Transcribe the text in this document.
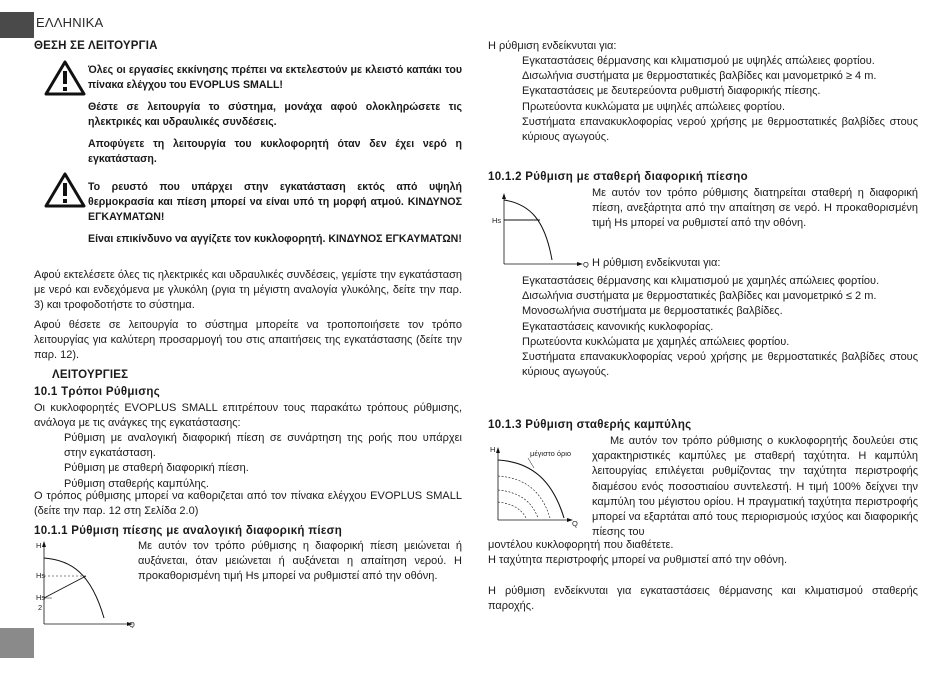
ΕΛΛΗΝΙΚΑ
ΘΕΣΗ ΣΕ ΛΕΙΤΟΥΡΓΙΑ

Όλες οι εργασίες εκκίνησης πρέπει να εκτελεστούν με κλειστό καπάκι του πίνακα ελέγχου του EVOPLUS SMALL!

Θέστε σε λειτουργία το σύστημα, μονάχα αφού ολοκληρώσετε τις ηλεκτρικές και υδραυλικές συνδέσεις.

Αποφύγετε τη λειτουργία του κυκλοφορητή όταν δεν έχει νερό η εγκατάσταση.

Το ρευστό που υπάρχει στην εγκατάσταση εκτός από υψηλή θερμοκρασία και πίεση μπορεί να είναι υπό τη μορφή ατμού. ΚΙΝΔΥΝΟΣ ΕΓΚΑΥΜΑΤΩΝ!

Είναι επικίνδυνο να αγγίζετε τον κυκλοφορητή. ΚΙΝΔΥΝΟΣ ΕΓΚΑΥΜΑΤΩΝ!

Αφού εκτελέσετε όλες τις ηλεκτρικές και υδραυλικές συνδέσεις, γεμίστε την εγκατάσταση με νερό και ενδεχόμενα με γλυκόλη (ργια τη μέγιστη αναλογία γλυκόλης, δείτε την παρ. 3) και τροφοδοτήστε το σύστημα.

Αφού θέσετε σε λειτουργία το σύστημα μπορείτε να τροποποιήσετε τον τρόπο λειτουργίας για καλύτερη προσαρμογή του στις απαιτήσεις της εγκατάστασης (δείτε την παρ. 12).

ΛΕΙΤΟΥΡΓΙΕΣ
10.1 Τρόποι Ρύθμισης

Οι κυκλοφορητές EVOPLUS SMALL επιτρέπουν τους παρακάτω τρόπους ρύθμισης, ανάλογα με τις ανάγκες της εγκατάστασης:

Ρύθμιση με αναλογική διαφορική πίεση σε συνάρτηση της ροής που υπάρχει στην εγκατάσταση.

Ρύθμιση με σταθερή διαφορική πίεση.

Ρύθμιση σταθερής καμπύλης.

Ο τρόπος ρύθμισης μπορεί να καθοριζεται από τον πίνακα ελέγχου EVOPLUS SMALL (δείτε την παρ. 12 στη Σελίδα 2.0)

10.1.1 Ρύθμιση πίεσης με αναλογική διαφορική πίεση
H
Hs
Hs
2
Q

Με αυτόν τον τρόπο ρύθμισης η διαφορική πίεση μειώνεται ή αυξάνεται, όταν μειώνεται ή αυξάνεται η απαίτηση νερού. Η προκαθορισμένη τιμή Hs μπορεί να ρυθμιστεί από την οθόνη.

Η ρύθμιση ενδείκνυται για:

Εγκαταστάσεις θέρμανσης και κλιματισμού με υψηλές απώλειες φορτίου.

Δισωλήνια συστήματα με θερμοστατικές βαλβίδες και μανομετρικό ≥ 4 m.

Εγκαταστάσεις με δευτερεύοντα ρυθμιστή διαφορικής πίεσης.

Πρωτεύοντα κυκλώματα με υψηλές απώλειες φορτίου.

Συστήματα επανακυκλοφορίας νερού χρήσης με θερμοστατικές βαλβίδες στους κύριους αγωγούς.

10.1.2 Ρύθμιση με σταθερή διαφορική πίεσηο
Hs
Q

Με αυτόν τον τρόπο ρύθμισης διατηρείται σταθερή η διαφορική πίεση, ανεξάρτητα από την απαίτηση σε νερό. Η προκαθορισμένη τιμή Hs μπορεί να ρυθμιστεί από την οθόνη.

Η ρύθμιση ενδείκνυται για:

Εγκαταστάσεις θέρμανσης και κλιματισμού με χαμηλές απώλειες φορτίου.

Δισωλήνια συστήματα με θερμοστατικές βαλβίδες και μανομετρικό ≤ 2 m.

Μονοσωλήνια συστήματα με θερμοστατικές βαλβίδες.

Εγκαταστάσεις κανονικής κυκλοφορίας.

Πρωτεύοντα κυκλώματα με χαμηλές απώλειες φορτίου.

Συστήματα επανακυκλοφορίας νερού χρήσης με θερμοστατικές βαλβίδες στους κύριους αγωγούς.

10.1.3 Ρύθμιση σταθερής καμπύλης
H
Q
μέγιστο όριο

Με αυτόν τον τρόπο ρύθμισης ο κυκλοφορητής δουλεύει στις χαρακτηριστικές καμπύλες με σταθερή ταχύτητα. Η καμπύλη λειτουργίας επιλέγεται ρυθμίζοντας την ταχύτητα περιστροφής διαμέσου ενός ποσοστιαίου συντελεστή. Η τιμή 100% δείχνει την καμπύλη του μέγιστου ορίου. Η πραγματική ταχύτητα περιστροφής μπορεί να εξαρτάται από τους περιορισμούς ισχύος και διαφορικής πίεσης του

μοντέλου κυκλοφορητή που διαθέτετε.

Η ταχύτητα περιστροφής μπορεί να ρυθμιστεί από την οθόνη.

Η ρύθμιση ενδείκνυται για εγκαταστάσεις θέρμανσης και κλιματισμού σταθερής παροχής.
